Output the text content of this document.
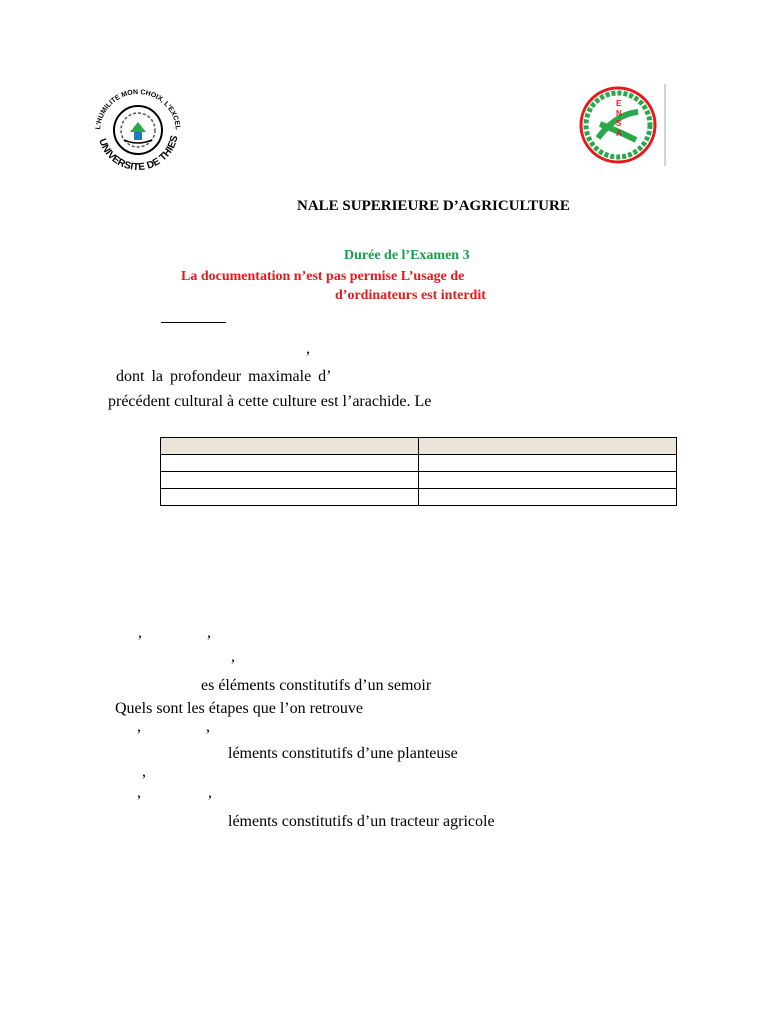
L'HUMILITE MON CHOIX, L'EXCEL
UNIVERSITE DE THIES
E
N
S
A
NALE SUPERIEURE D’AGRICULTURE
Durée de l’Examen 3
La documentation n’est pas permise L’usage de
d’ordinateurs est interdit
,
dont la profondeur maximale d’
précédent cultural à cette culture est l’arachide. Le

,	,
,
es éléments constitutifs d’un semoir
Quels sont les étapes que l’on retrouve
,	,
léments constitutifs d’une planteuse
,
,	,
léments constitutifs d’un tracteur agricole
